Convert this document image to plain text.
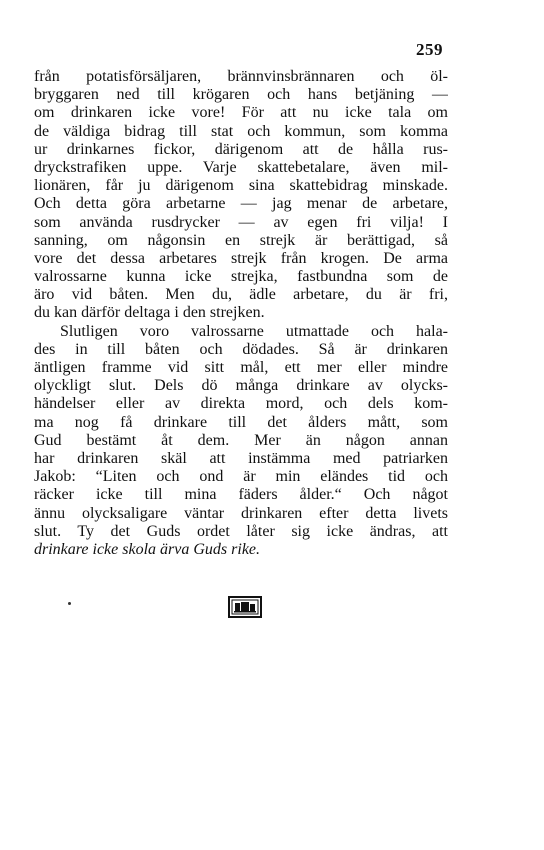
259
från potatisförsäljaren, brännvinsbrännaren och öl-
bryggaren ned till krögaren och hans betjäning —
om drinkaren icke vore! För att nu icke tala om
de väldiga bidrag till stat och kommun, som komma
ur drinkarnes fickor, därigenom att de hålla rus-
dryckstrafiken uppe. Varje skattebetalare, även mil-
lionären, får ju därigenom sina skattebidrag minskade.
Och detta göra arbetarne — jag menar de arbetare,
som använda rusdrycker — av egen fri vilja! I
sanning, om någonsin en strejk är berättigad, så
vore det dessa arbetares strejk från krogen. De arma
valrossarne kunna icke strejka, fastbundna som de
äro vid båten. Men du, ädle arbetare, du är fri,
du kan därför deltaga i den strejken.
Slutligen voro valrossarne utmattade och hala-
des in till båten och dödades. Så är drinkaren
äntligen framme vid sitt mål, ett mer eller mindre
olyckligt slut. Dels dö många drinkare av olycks-
händelser eller av direkta mord, och dels kom-
ma nog få drinkare till det ålders mått, som
Gud bestämt åt dem. Mer än någon annan
har drinkaren skäl att instämma med patriarken
Jakob: “Liten och ond är min eländes tid och
räcker icke till mina fäders ålder.“ Och något
ännu olycksaligare väntar drinkaren efter detta livets
slut. Ty det Guds ordet låter sig icke ändras, att
drinkare icke skola ärva Guds rike.
